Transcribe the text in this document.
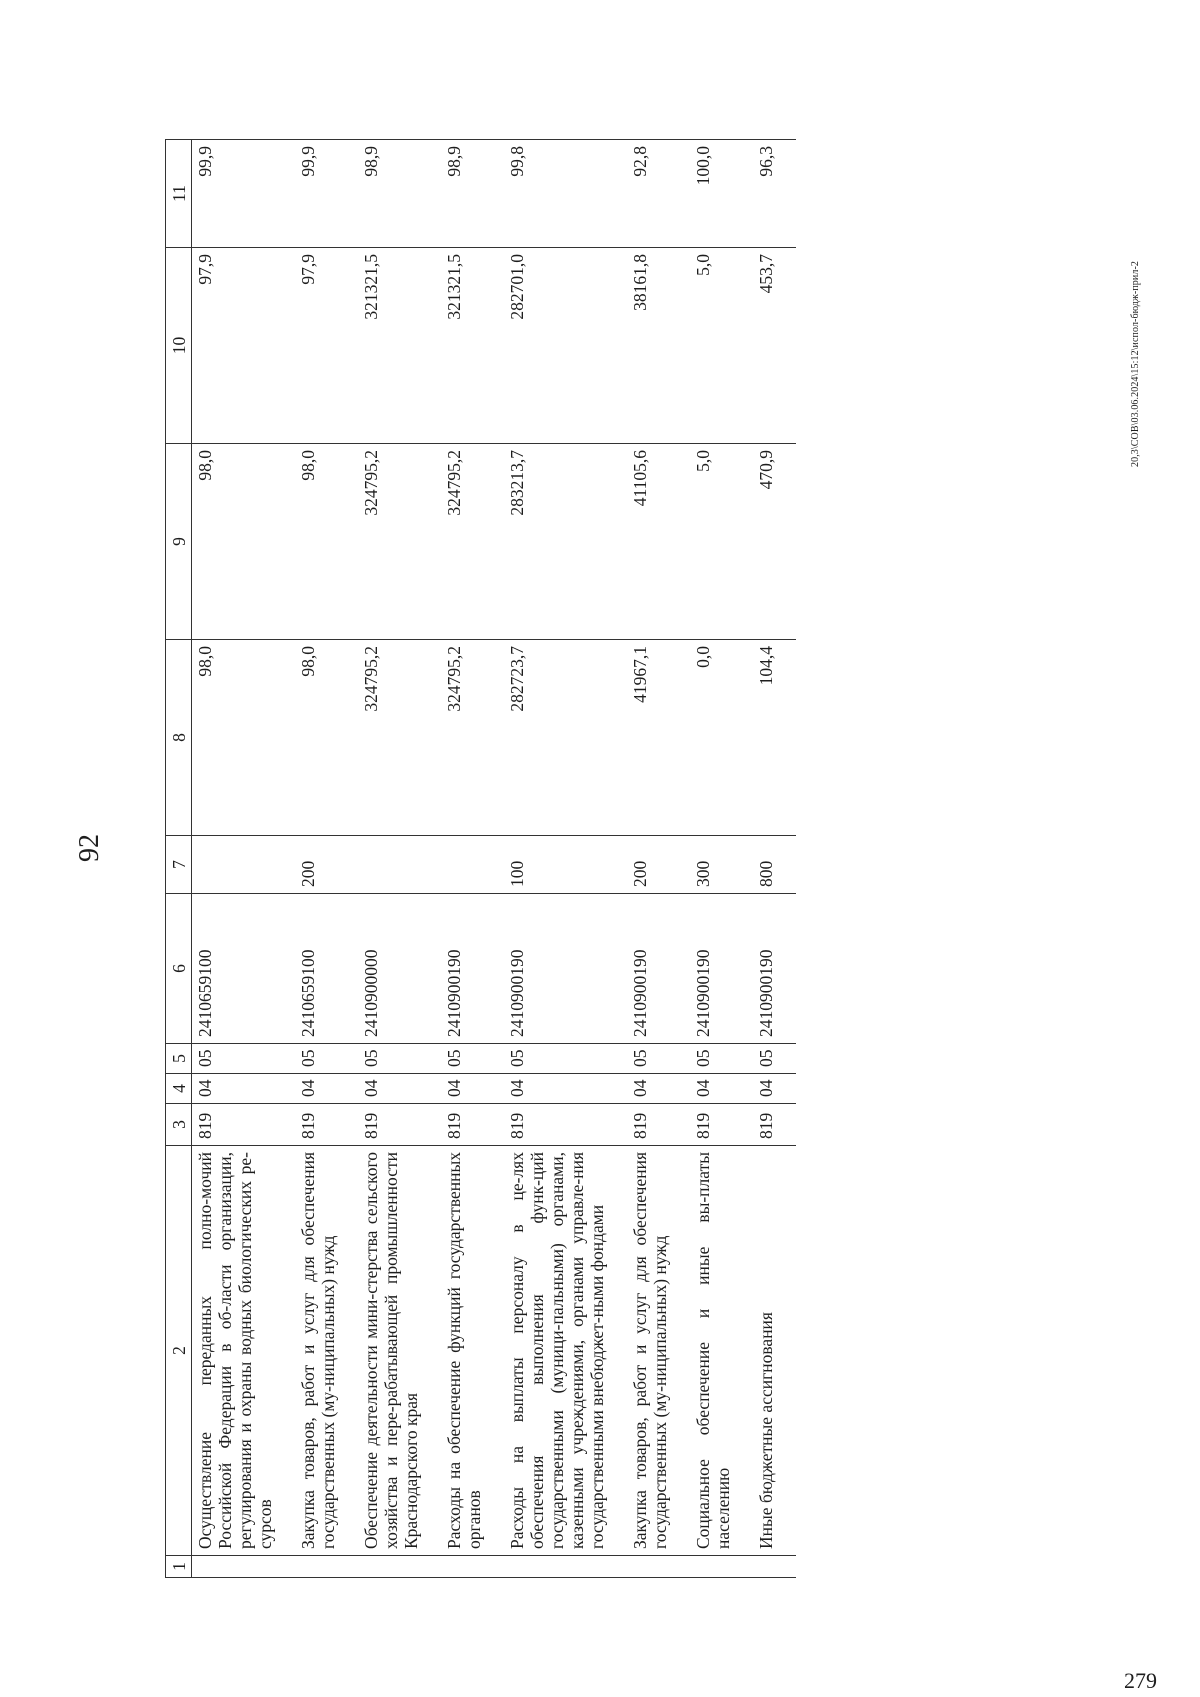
92
1	2	3	4	5	6	7	8	9	10	11
	Осуществление переданных полно-мочий Российской Федерации в об-ласти организации, регулирования и охраны водных биологических ре-сурсов	819	04	05	2410659100		98,0	98,0	97,9	99,9
	Закупка товаров, работ и услуг для обеспечения государственных (му-ниципальных) нужд	819	04	05	2410659100	200	98,0	98,0	97,9	99,9
	Обеспечение деятельности мини-стерства сельского хозяйства и пере-рабатывающей промышленности Краснодарского края	819	04	05	2410900000		324795,2	324795,2	321321,5	98,9
	Расходы на обеспечение функций государственных органов	819	04	05	2410900190		324795,2	324795,2	321321,5	98,9
	Расходы на выплаты персоналу в це-лях обеспечения выполнения функ-ций государственными (муници-пальными) органами, казенными учреждениями, органами управле-ния государственными внебюджет-ными фондами	819	04	05	2410900190	100	282723,7	283213,7	282701,0	99,8
	Закупка товаров, работ и услуг для обеспечения государственных (му-ниципальных) нужд	819	04	05	2410900190	200	41967,1	41105,6	38161,8	92,8
	Социальное обеспечение и иные вы-платы населению	819	04	05	2410900190	300	0,0	5,0	5,0	100,0
	Иные бюджетные ассигнования	819	04	05	2410900190	800	104,4	470,9	453,7	96,3
20,3\СОВ\03.06.2024\15:12\испол-бюдж-прил-2
279
